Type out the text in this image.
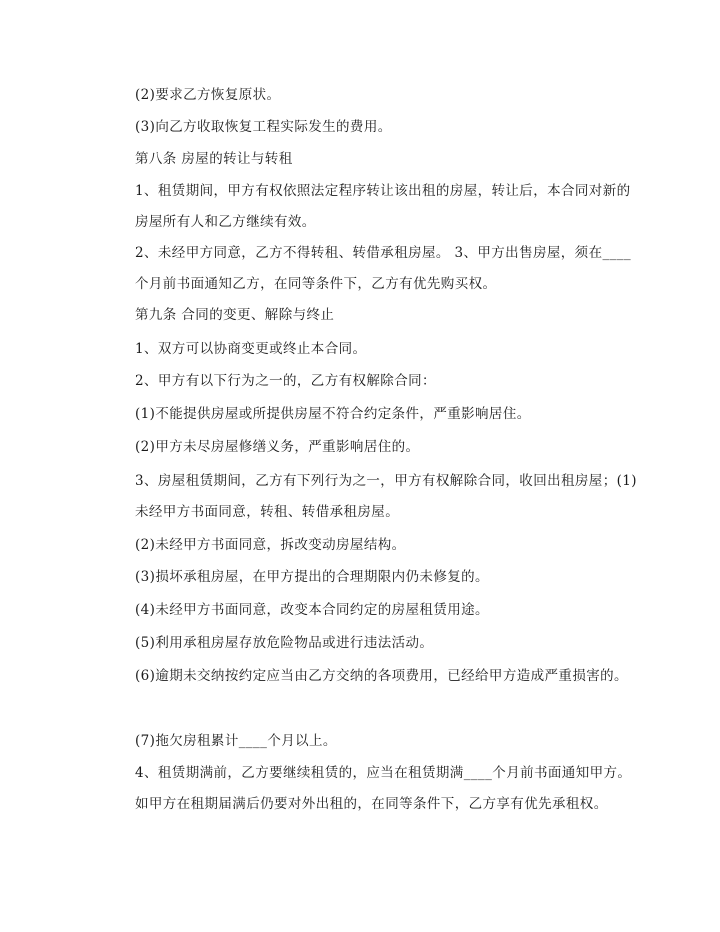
(2)要求乙方恢复原状。
(3)向乙方收取恢复工程实际发生的费用。
第八条 房屋的转让与转租
1、租赁期间，甲方有权依照法定程序转让该出租的房屋，转让后，本合同对新的房屋所有人和乙方继续有效。
2、未经甲方同意，乙方不得转租、转借承租房屋。 3、甲方出售房屋，须在____个月前书面通知乙方，在同等条件下，乙方有优先购买权。
第九条 合同的变更、解除与终止
1、双方可以协商变更或终止本合同。
2、甲方有以下行为之一的，乙方有权解除合同：
(1)不能提供房屋或所提供房屋不符合约定条件，严重影响居住。
(2)甲方未尽房屋修缮义务，严重影响居住的。
3、房屋租赁期间，乙方有下列行为之一，甲方有权解除合同，收回出租房屋；(1)未经甲方书面同意，转租、转借承租房屋。
(2)未经甲方书面同意，拆改变动房屋结构。
(3)损坏承租房屋，在甲方提出的合理期限内仍未修复的。
(4)未经甲方书面同意，改变本合同约定的房屋租赁用途。
(5)利用承租房屋存放危险物品或进行违法活动。
(6)逾期未交纳按约定应当由乙方交纳的各项费用，已经给甲方造成严重损害的。
(7)拖欠房租累计____个月以上。
4、租赁期满前，乙方要继续租赁的，应当在租赁期满____个月前书面通知甲方。 如甲方在租期届满后仍要对外出租的，在同等条件下，乙方享有优先承租权。
